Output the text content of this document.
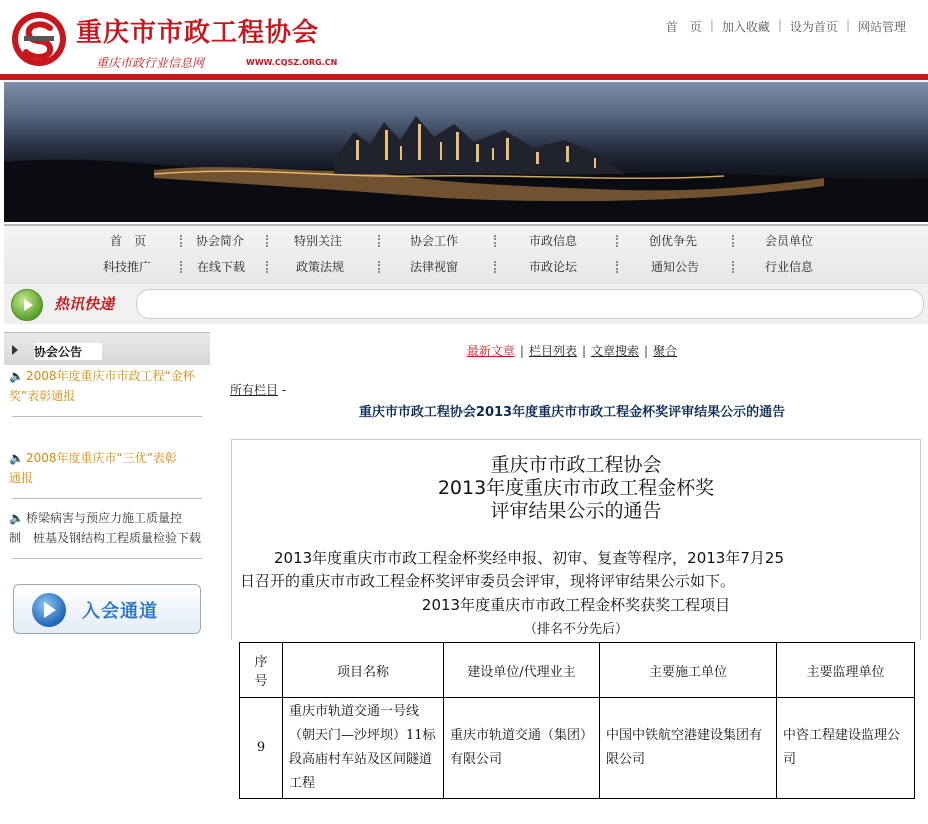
重庆市市政工程协会
重庆市政行业信息网	WWW.CQSZ.ORG.CN
首　页 | 加入收藏 | 设为首页 | 网站管理
首　页	协会简介	特别关注	协会工作	市政信息	创优争先	会员单位
科技推广	在线下载	政策法规	法律视窗	市政论坛	通知公告	行业信息
热讯快递
协会公告
🔈 2008年度重庆市市政工程“金杯
奖”表彰通报
🔈 2008年度重庆市“三优”表彰
通报
🔈 桥梁病害与预应力施工质量控
制　桩基及钢结构工程质量检验下载
入会通道
最新文章 | 栏目列表 | 文章搜索 | 聚合
所有栏目 -
重庆市市政工程协会2013年度重庆市市政工程金杯奖评审结果公示的通告
重庆市市政工程协会
2013年度重庆市市政工程金杯奖
评审结果公示的通告
2013年度重庆市市政工程金杯奖经申报、初审、复查等程序，2013年7月25
日召开的重庆市市政工程金杯奖评审委员会评审，现将评审结果公示如下。
2013年度重庆市市政工程金杯奖获奖工程项目
（排名不分先后）
序
号	项目名称	建设单位/代理业主	主要施工单位	主要监理单位
9	重庆市轨道交通一号线（朝天门—沙坪坝）11标段高庙村车站及区间隧道工程	重庆市轨道交通（集团）有限公司	中国中铁航空港建设集团有限公司	中咨工程建设监理公司
